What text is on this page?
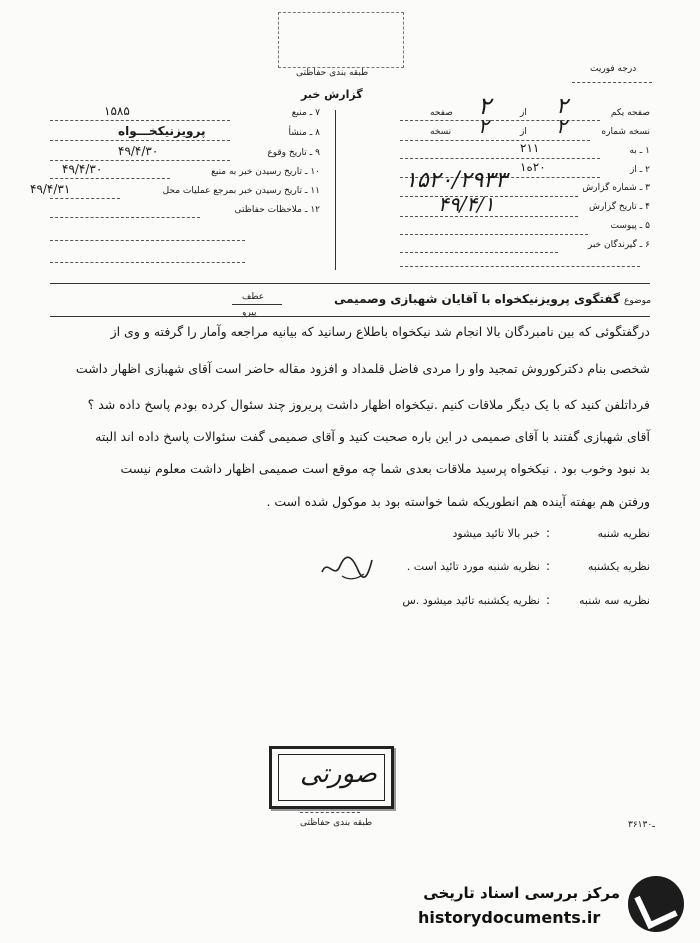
طبقه بندی حفاظتی
گزارش خبر
درجه فوریت
۷ ـ منبع
۱۵۸۵
۸ ـ منشأ
پرویزنیکخـــواه
۹ ـ تاریخ وقوع
۴۹/۴/۳۰
۱۰ ـ تاریخ رسیدن خبر به منبع
۴۹/۴/۳۰
۱۱ ـ تاریخ رسیدن خبر بمرجع عملیات محل
۴۹/۴/۳۱
۱۲ ـ ملاحظات حفاظتی
صفحه یکم
۲
از
صفحه ۲
نسخه شماره
۲
از
نسخه ۲
۱ ـ به
۲۱۱
۲ ـ از
۲۰ه۱
۳ ـ شماره گزارش
۱۵۲۰/۲۹۳۳
۴ ـ تاریخ گزارش
۴۹/۴/۱
۵ ـ پیوست
۶ ـ گیرندگان خبر
عطف
پیرو
موضوع
گفتگوی پرویزنیکخواه با آقایان شهبازی وصمیمی
درگفتگوئی که بین نامبردگان بالا انجام شد نیکخواه باطلاع رسانید که بیانیه مراجعه وآمار را گرفته و وی از
شخصی بنام دکترکوروش تمجید واو را مردی فاضل قلمداد و افزود مقاله حاضر است آقای شهبازی اظهار داشت
فرداتلفن کنید که با یک دیگر ملاقات کنیم .نیکخواه اظهار داشت پریروز چند سئوال کرده بودم پاسخ داده شد ؟
آقای شهبازی گفتند با آقای صمیمی در این باره صحبت کنید و آقای صمیمی گفت سئوالات پاسخ داده اند البته
بد نبود وخوب بود . نیکخواه پرسید ملاقات بعدی شما چه موقع است صمیمی اظهار داشت معلوم نیست
ورفتن هم بهفته آینده هم انطوریکه شما خواسته بود بد موکول شده است .
نظریه شنبه
:
خبر بالا تائید میشود
نظریه یکشنبه
:
نظریه شنبه مورد تائید است .
نظریه سه شنبه
:
نظریه یکشنبه تائید میشود .س
صورتی
طبقه بندی حفاظتی	۳۶ـ۱۳۰
مرکز بررسی اسناد تاریخی
historydocuments.ir
